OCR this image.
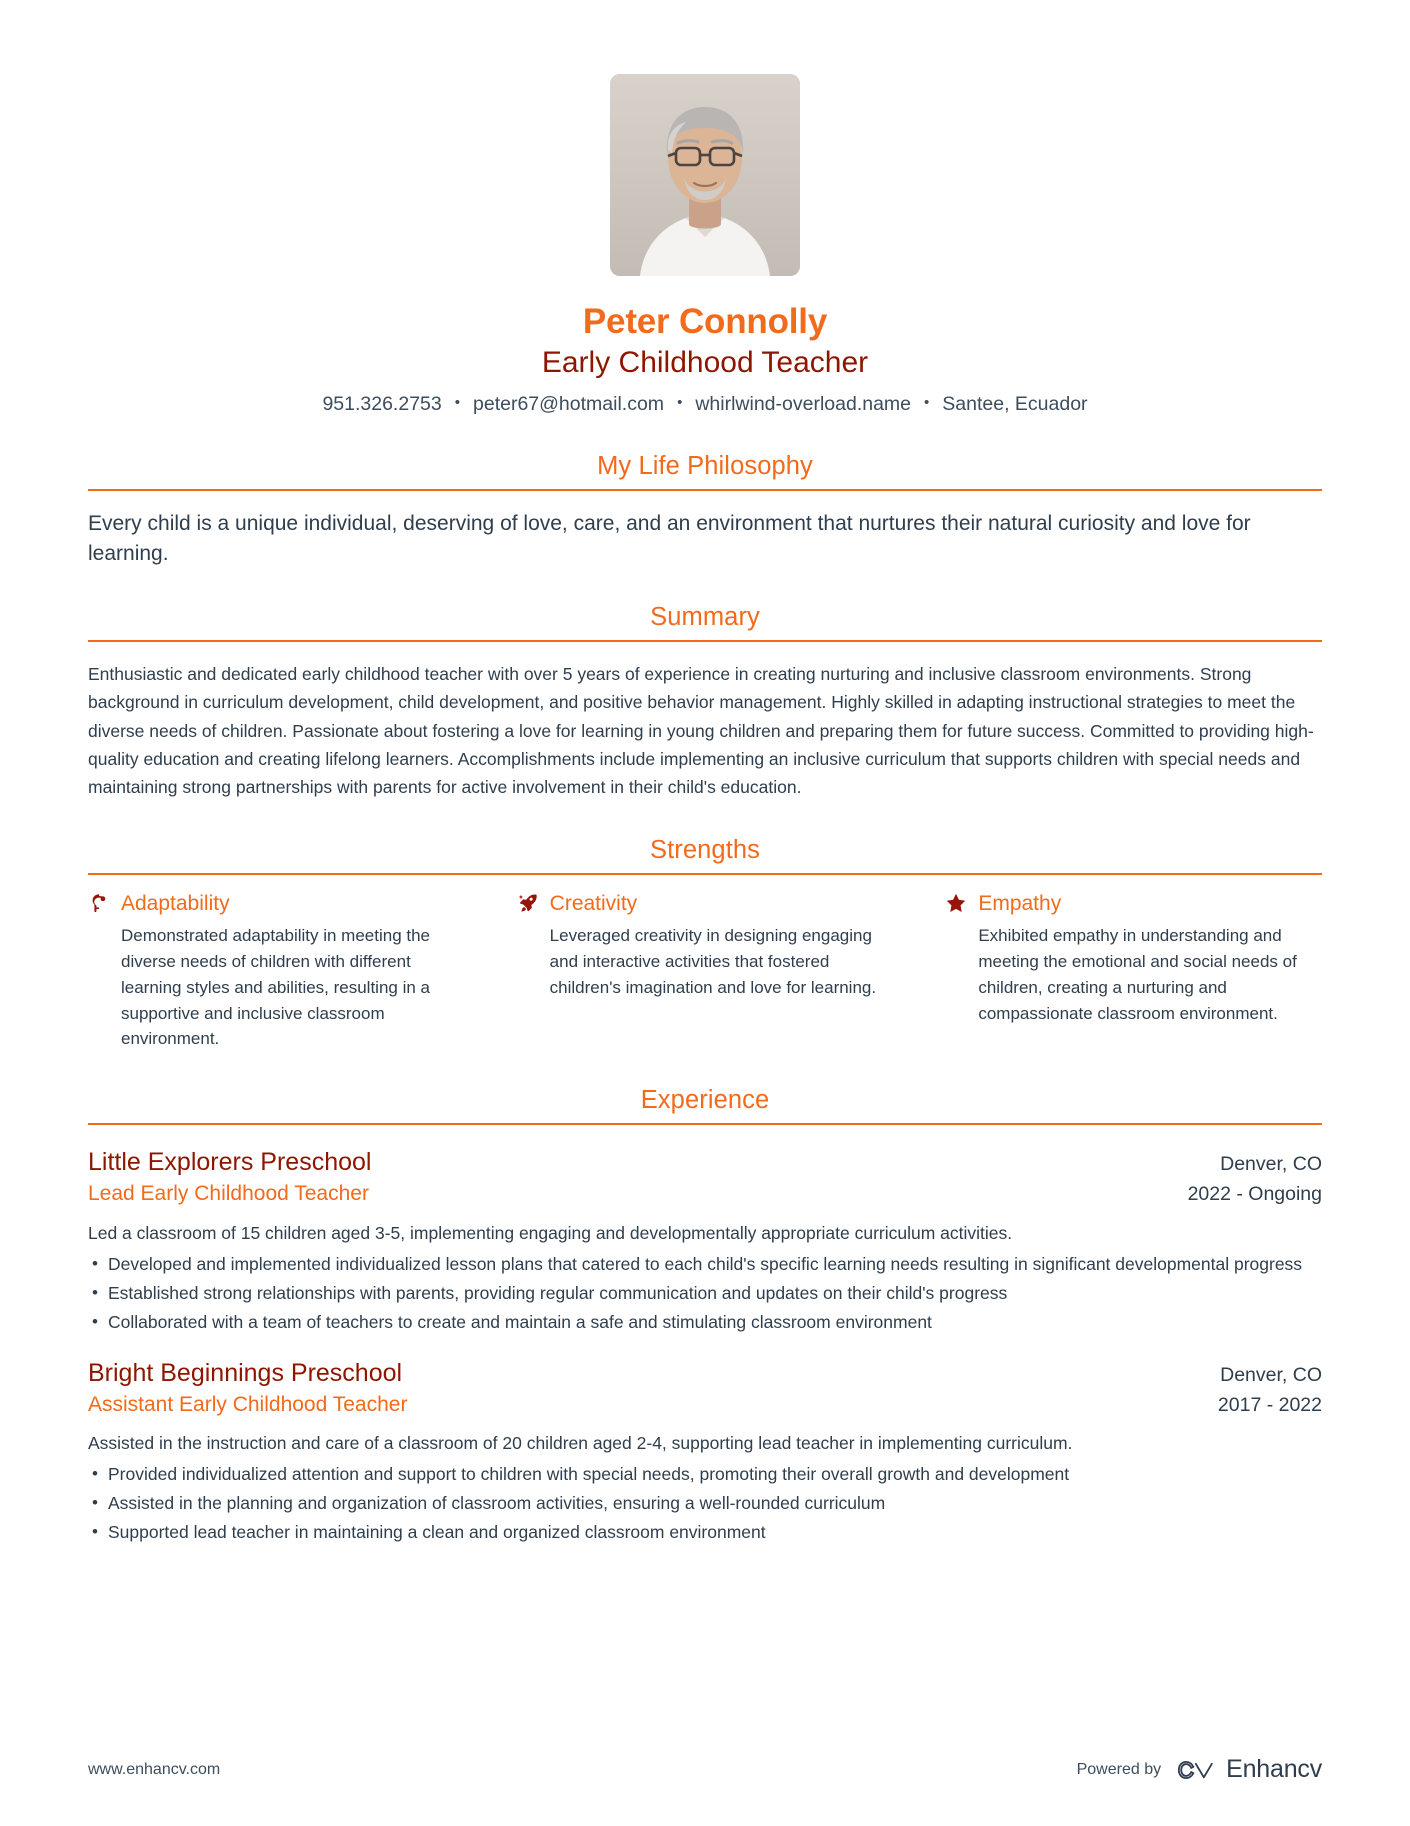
Peter Connolly
Early Childhood Teacher
951.326.2753 • peter67@hotmail.com • whirlwind-overload.name • Santee, Ecuador
My Life Philosophy

Every child is a unique individual, deserving of love, care, and an environment that nurtures their natural curiosity and love for learning.

Summary

Enthusiastic and dedicated early childhood teacher with over 5 years of experience in creating nurturing and inclusive classroom environments. Strong background in curriculum development, child development, and positive behavior management. Highly skilled in adapting instructional strategies to meet the diverse needs of children. Passionate about fostering a love for learning in young children and preparing them for future success. Committed to providing high-quality education and creating lifelong learners. Accomplishments include implementing an inclusive curriculum that supports children with special needs and maintaining strong partnerships with parents for active involvement in their child's education.

Strengths
Adaptability
Demonstrated adaptability in meeting the diverse needs of children with different learning styles and abilities, resulting in a supportive and inclusive classroom environment.
Creativity
Leveraged creativity in designing engaging and interactive activities that fostered children's imagination and love for learning.
Empathy
Exhibited empathy in understanding and meeting the emotional and social needs of children, creating a nurturing and compassionate classroom environment.
Experience
Little Explorers Preschool	Denver, CO
Lead Early Childhood Teacher	2022 - Ongoing
Led a classroom of 15 children aged 3-5, implementing engaging and developmentally appropriate curriculum activities.
• Developed and implemented individualized lesson plans that catered to each child's specific learning needs resulting in significant developmental progress
• Established strong relationships with parents, providing regular communication and updates on their child's progress
• Collaborated with a team of teachers to create and maintain a safe and stimulating classroom environment
Bright Beginnings Preschool	Denver, CO
Assistant Early Childhood Teacher	2017 - 2022
Assisted in the instruction and care of a classroom of 20 children aged 2-4, supporting lead teacher in implementing curriculum.
• Provided individualized attention and support to children with special needs, promoting their overall growth and development
• Assisted in the planning and organization of classroom activities, ensuring a well-rounded curriculum
• Supported lead teacher in maintaining a clean and organized classroom environment
www.enhancv.com	Powered by	Enhancv
